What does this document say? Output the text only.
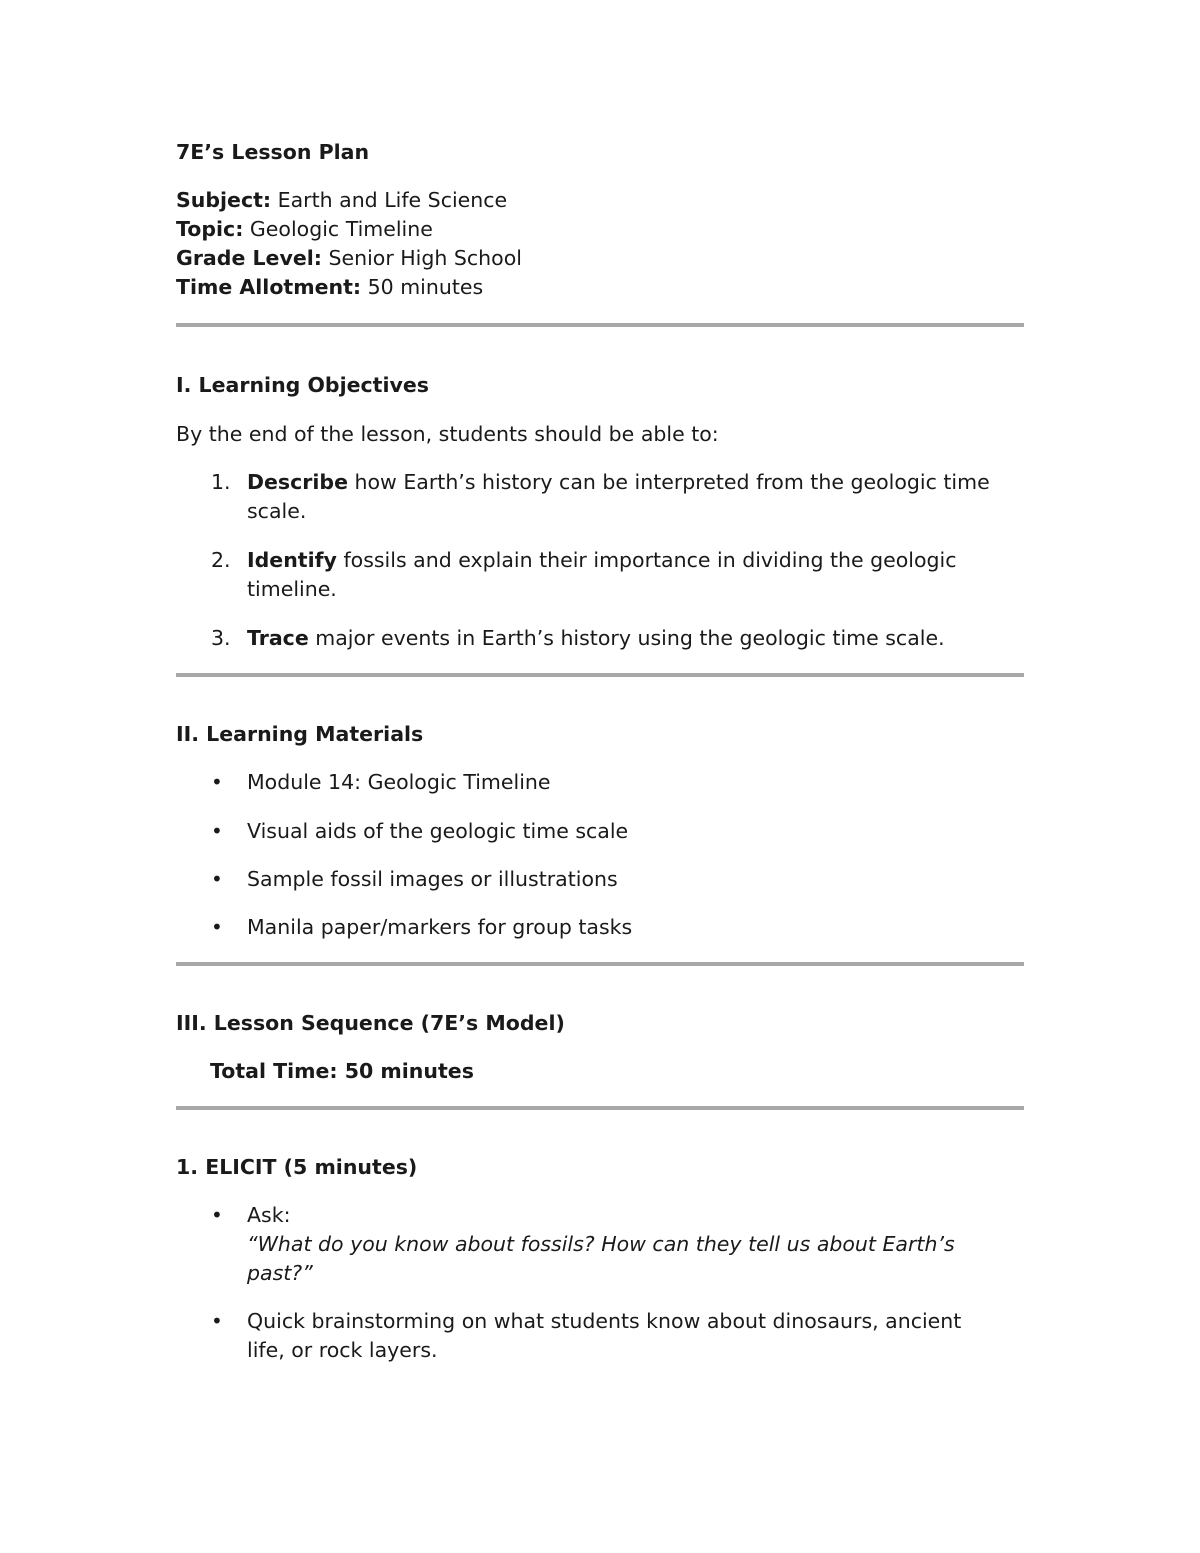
7E’s Lesson Plan

Subject: Earth and Life Science

Topic: Geologic Timeline

Grade Level: Senior High School

Time Allotment: 50 minutes

I. Learning Objectives

By the end of the lesson, students should be able to:

1. Describe how Earth’s history can be interpreted from the geologic time scale.
2. Identify fossils and explain their importance in dividing the geologic timeline.
3. Trace major events in Earth’s history using the geologic time scale.

II. Learning Materials

• Module 14: Geologic Timeline
• Visual aids of the geologic time scale
• Sample fossil images or illustrations
• Manila paper/markers for group tasks

III. Lesson Sequence (7E’s Model)

Total Time: 50 minutes

1. ELICIT (5 minutes)

• Ask:
“What do you know about fossils? How can they tell us about Earth’s past?”
• Quick brainstorming on what students know about dinosaurs, ancient life, or rock layers.
